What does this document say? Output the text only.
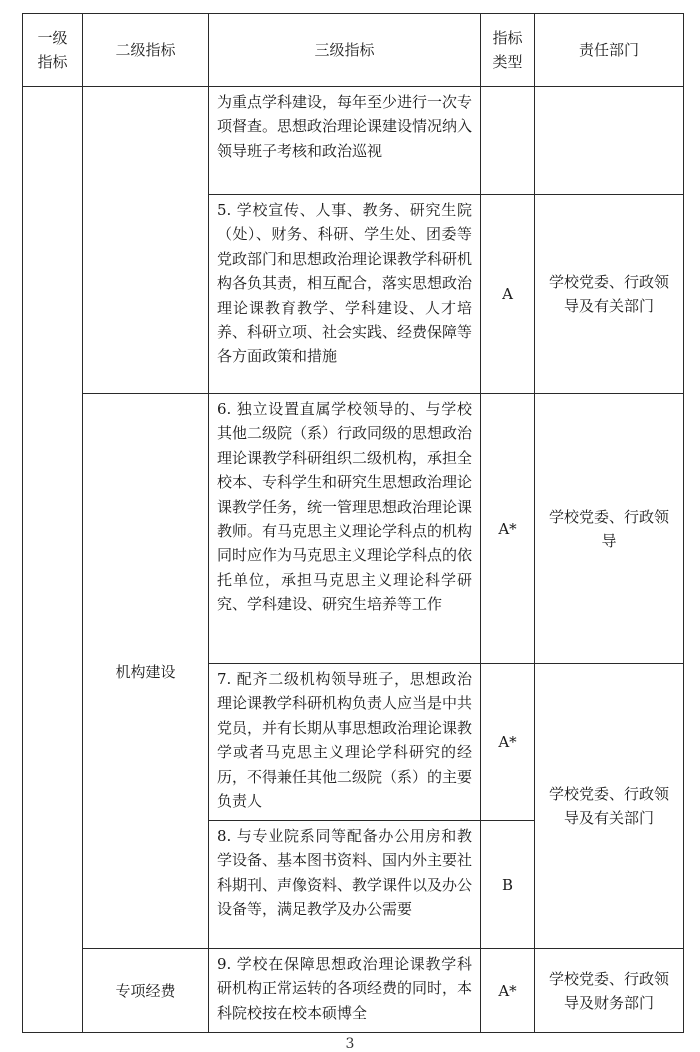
一级指标	二级指标	三级指标	指标类型	责任部门
		为重点学科建设，每年至少进行一次专项督查。思想政治理论课建设情况纳入领导班子考核和政治巡视		
		5. 学校宣传、人事、教务、研究生院（处）、财务、科研、学生处、团委等党政部门和思想政治理论课教学科研机构各负其责，相互配合，落实思想政治理论课教育教学、学科建设、人才培养、科研立项、社会实践、经费保障等各方面政策和措施	A	学校党委、行政领导及有关部门
	机构建设	6. 独立设置直属学校领导的、与学校其他二级院（系）行政同级的思想政治理论课教学科研组织二级机构，承担全校本、专科学生和研究生思想政治理论课教学任务，统一管理思想政治理论课教师。有马克思主义理论学科点的机构同时应作为马克思主义理论学科点的依托单位，承担马克思主义理论科学研究、学科建设、研究生培养等工作	A*	学校党委、行政领导
		7. 配齐二级机构领导班子，思想政治理论课教学科研机构负责人应当是中共党员，并有长期从事思想政治理论课教学或者马克思主义理论学科研究的经历，不得兼任其他二级院（系）的主要负责人	A*	学校党委、行政领导及有关部门
		8. 与专业院系同等配备办公用房和教学设备、基本图书资料、国内外主要社科期刊、声像资料、教学课件以及办公设备等，满足教学及办公需要	B	
	专项经费	9. 学校在保障思想政治理论课教学科研机构正常运转的各项经费的同时，本科院校按在校本硕博全	A*	学校党委、行政领导及财务部门
3
